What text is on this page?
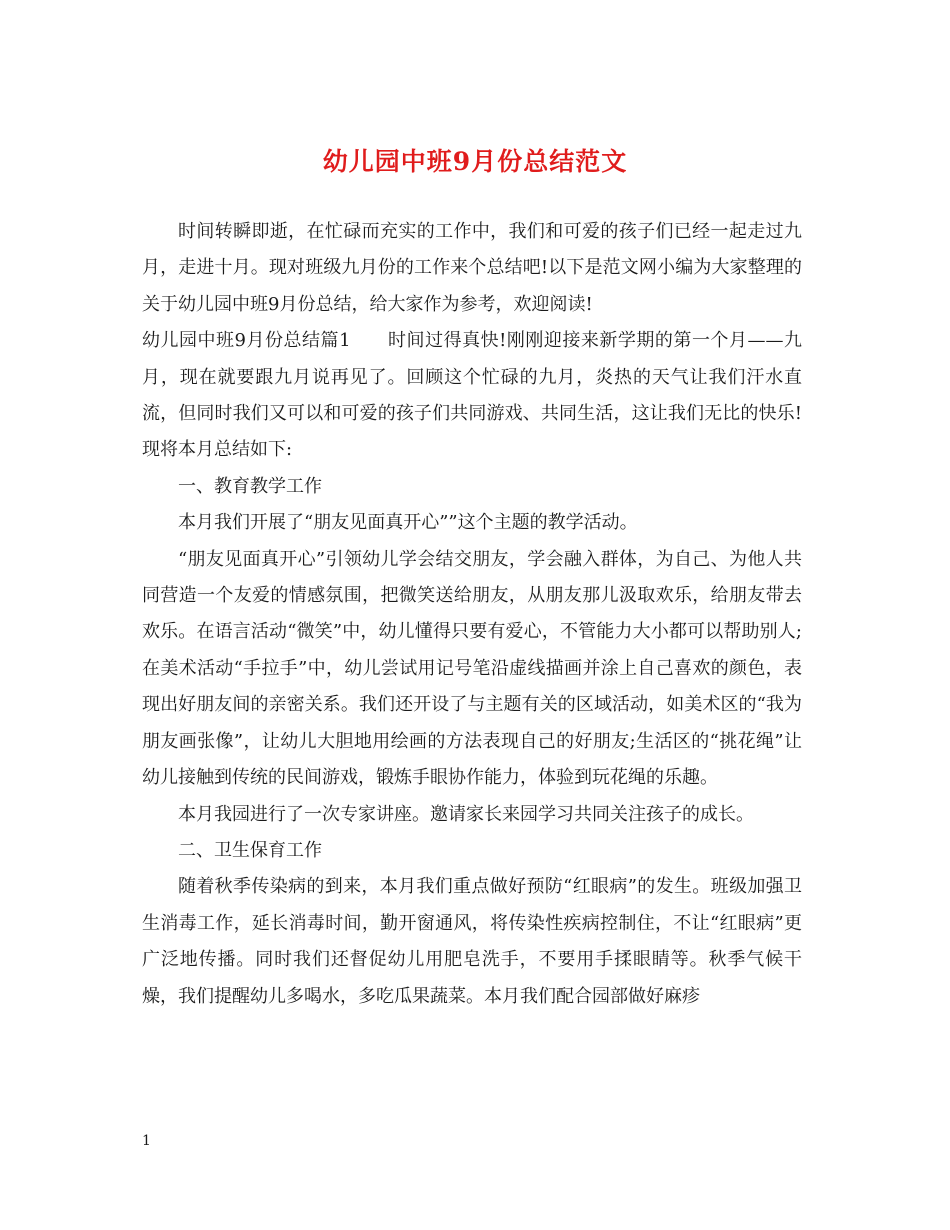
幼儿园中班9月份总结范文

时间转瞬即逝，在忙碌而充实的工作中，我们和可爱的孩子们已经一起走过九月，走进十月。现对班级九月份的工作来个总结吧!以下是范文网小编为大家整理的关于幼儿园中班9月份总结，给大家作为参考，欢迎阅读!

幼儿园中班9月份总结篇1　　时间过得真快!刚刚迎接来新学期的第一个月——九月，现在就要跟九月说再见了。回顾这个忙碌的九月，炎热的天气让我们汗水直流，但同时我们又可以和可爱的孩子们共同游戏、共同生活，这让我们无比的快乐!现将本月总结如下:

一、教育教学工作

本月我们开展了“朋友见面真开心””这个主题的教学活动。

“朋友见面真开心”引领幼儿学会结交朋友，学会融入群体，为自己、为他人共同营造一个友爱的情感氛围，把微笑送给朋友，从朋友那儿汲取欢乐，给朋友带去欢乐。在语言活动“微笑”中，幼儿懂得只要有爱心，不管能力大小都可以帮助别人;在美术活动“手拉手”中，幼儿尝试用记号笔沿虚线描画并涂上自己喜欢的颜色，表现出好朋友间的亲密关系。我们还开设了与主题有关的区域活动，如美术区的“我为朋友画张像”，让幼儿大胆地用绘画的方法表现自己的好朋友;生活区的“挑花绳”让幼儿接触到传统的民间游戏，锻炼手眼协作能力，体验到玩花绳的乐趣。

本月我园进行了一次专家讲座。邀请家长来园学习共同关注孩子的成长。

二、卫生保育工作

随着秋季传染病的到来，本月我们重点做好预防“红眼病”的发生。班级加强卫生消毒工作，延长消毒时间，勤开窗通风，将传染性疾病控制住，不让“红眼病”更广泛地传播。同时我们还督促幼儿用肥皂洗手，不要用手揉眼睛等。秋季气候干燥，我们提醒幼儿多喝水，多吃瓜果蔬菜。本月我们配合园部做好麻疹

1
